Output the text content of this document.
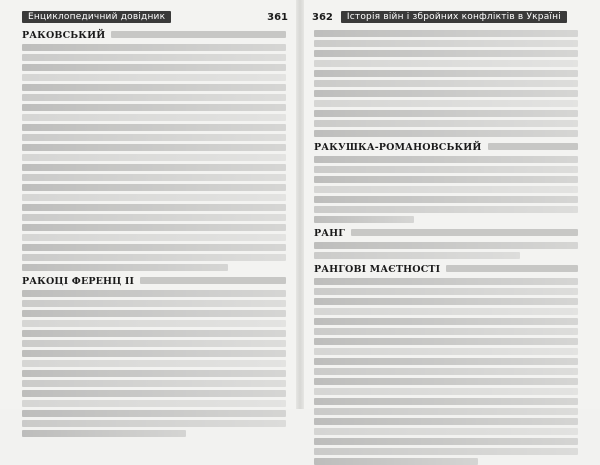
Енциклопедичний довідник	361
РАКОВСЬКИЙ
РАКОЦІ ФЕРЕНЦ ІІ
362	Історія війн і збройних конфліктів в Україні
РАКУШКА-РОМАНОВСЬКИЙ
РАНГ
РАНГОВІ МАЄТНОСТІ
